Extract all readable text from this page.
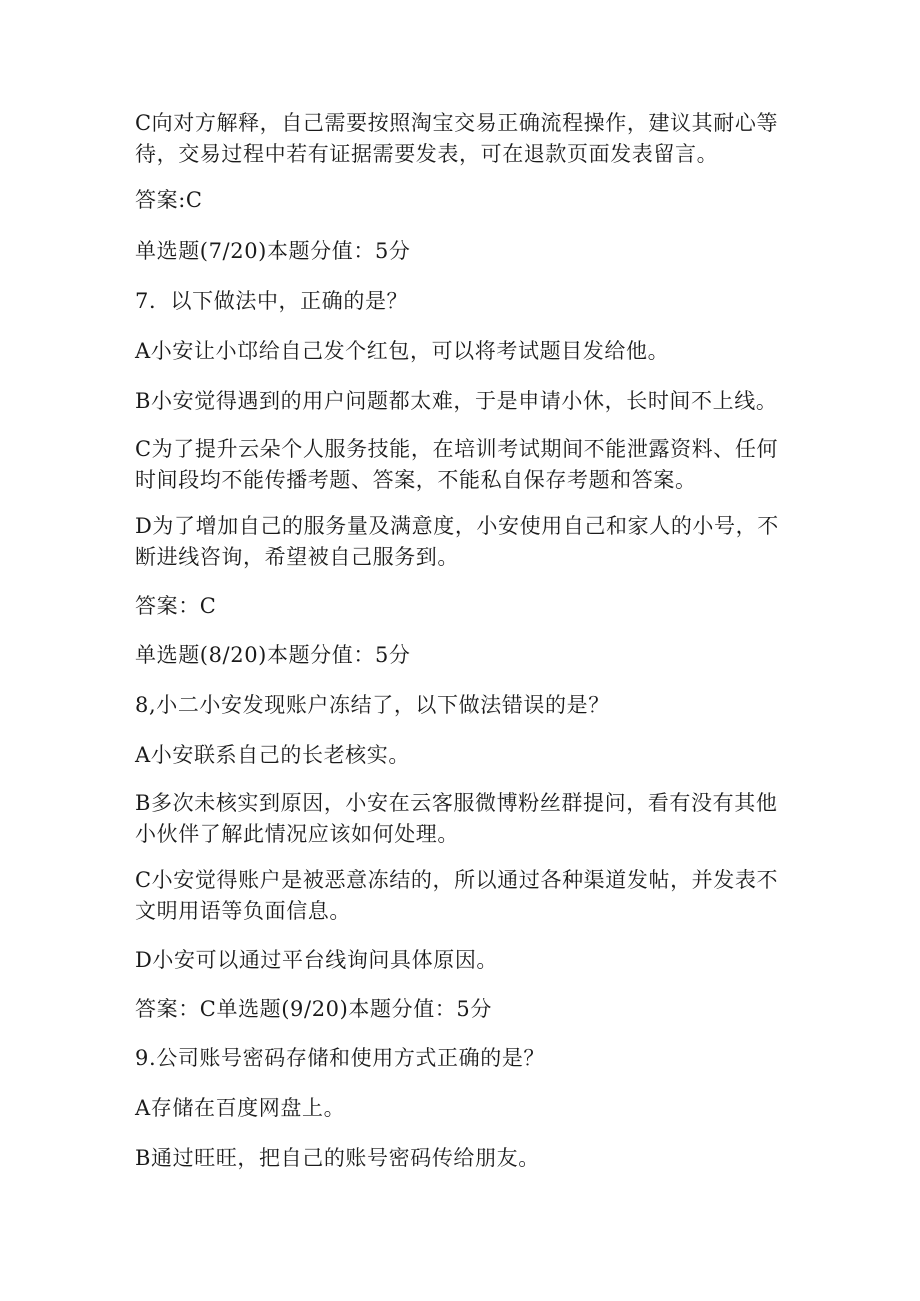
C向对方解释，自己需要按照淘宝交易正确流程操作，建议其耐心等

待，交易过程中若有证据需要发表，可在退款页面发表留言。

答案:C

单选题(7/20)本题分值：5分

7．以下做法中，正确的是？

A小安让小邙给自己发个红包，可以将考试题目发给他。

B小安觉得遇到的用户问题都太难，于是申请小休，长时间不上线。

C为了提升云朵个人服务技能，在培训考试期间不能泄露资料、任何

时间段均不能传播考题、答案，不能私自保存考题和答案。

D为了增加自己的服务量及满意度，小安使用自己和家人的小号，不

断进线咨询，希望被自己服务到。

答案：C

单选题(8/20)本题分值：5分

8,小二小安发现账户冻结了，以下做法错误的是？

A小安联系自己的长老核实。

B多次未核实到原因，小安在云客服微博粉丝群提问，看有没有其他

小伙伴了解此情况应该如何处理。

C小安觉得账户是被恶意冻结的，所以通过各种渠道发帖，并发表不

文明用语等负面信息。

D小安可以通过平台线询问具体原因。

答案：C单选题(9/20)本题分值：5分

9.公司账号密码存储和使用方式正确的是？

A存储在百度网盘上。

B通过旺旺，把自己的账号密码传给朋友。
